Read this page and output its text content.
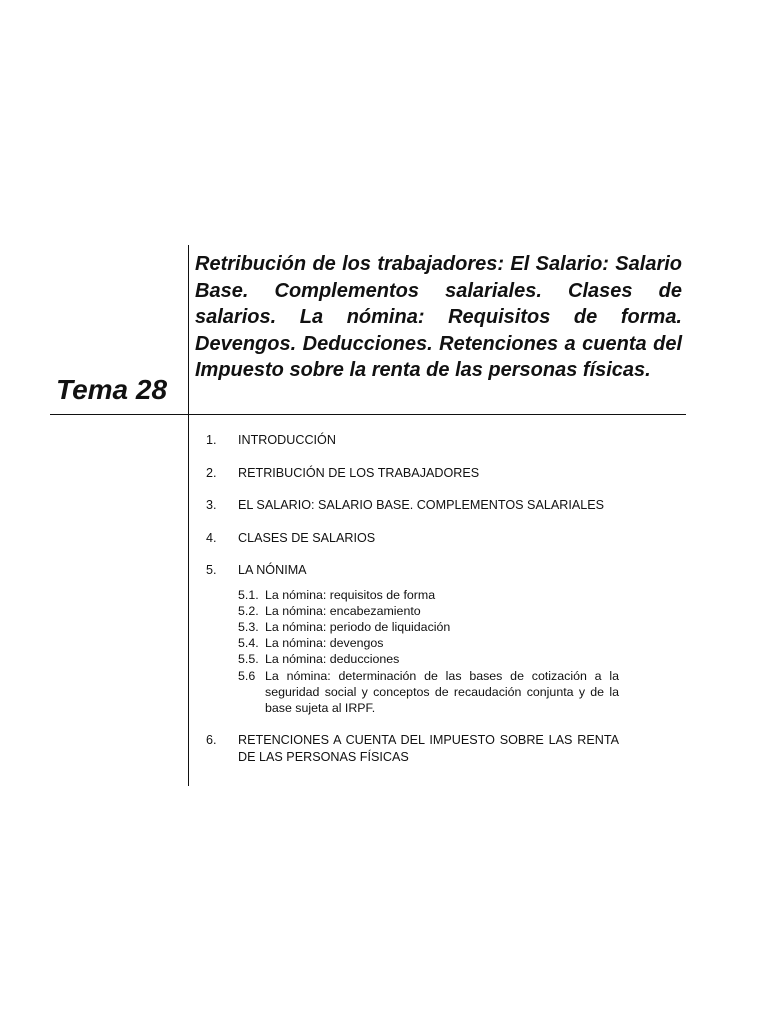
Tema 28
Retribución de los trabajadores: El Salario: Salario Base. Complementos salariales. Clases de salarios. La nómina: Requisitos de forma. Devengos. Deducciones. Retenciones a cuenta del Impuesto sobre la renta de las personas físicas.
1. INTRODUCCIÓN
2. RETRIBUCIÓN DE LOS TRABAJADORES
3. EL SALARIO: SALARIO BASE. COMPLEMENTOS SALARIALES
4. CLASES DE SALARIOS
5. LA NÓNIMA
5.1. La nómina: requisitos de forma
5.2. La nómina: encabezamiento
5.3. La nómina: periodo de liquidación
5.4. La nómina: devengos
5.5. La nómina: deducciones
5.6 La nómina: determinación de las bases de cotización a la seguridad social y conceptos de recaudación conjunta y de la base sujeta al IRPF.
6. RETENCIONES A CUENTA DEL IMPUESTO SOBRE LAS RENTA DE LAS PERSONAS FÍSICAS
